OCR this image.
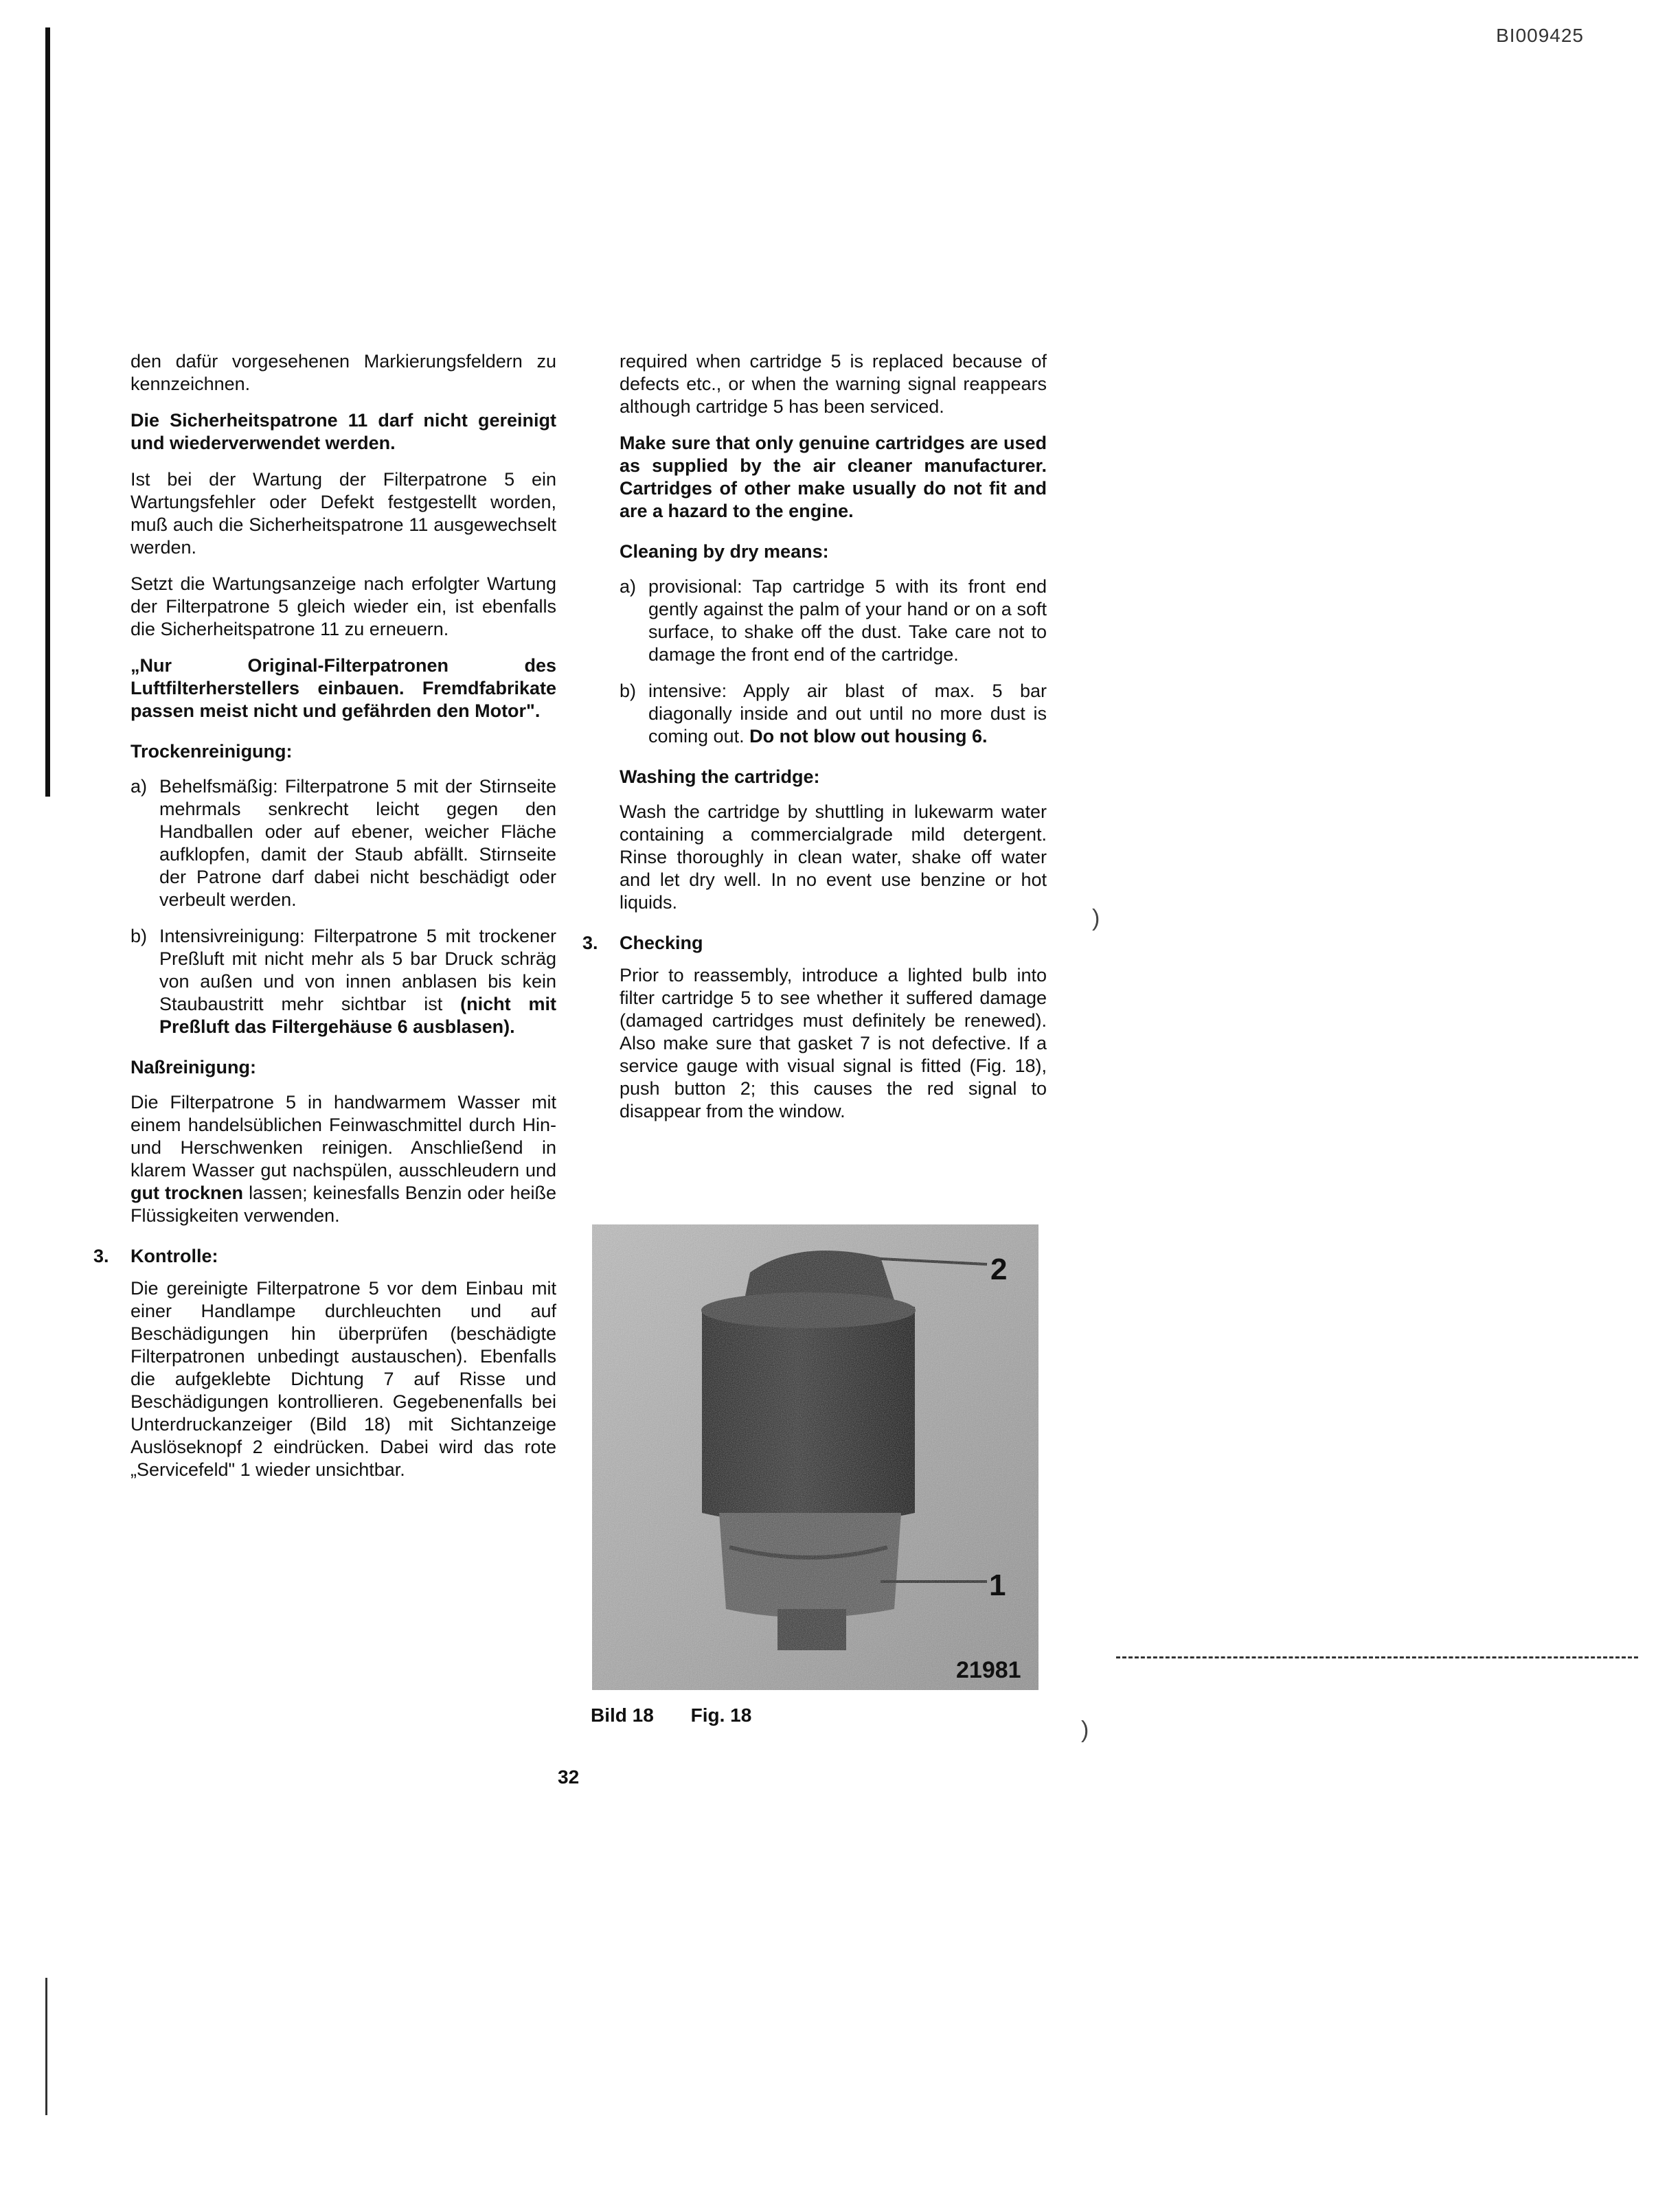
BI009425
)
)

den dafür vorgesehenen Markierungsfeldern zu kennzeichnen.

Die Sicherheitspatrone 11 darf nicht gereinigt und wiederverwendet werden.

Ist bei der Wartung der Filterpatrone 5 ein Wartungsfehler oder Defekt festgestellt worden, muß auch die Sicherheitspatrone 11 ausgewechselt werden.

Setzt die Wartungsanzeige nach erfolgter Wartung der Filterpatrone 5 gleich wieder ein, ist ebenfalls die Sicherheitspatrone 11 zu erneuern.

„Nur Original-Filterpatronen des Luftfilterherstellers einbauen. Fremdfabrikate passen meist nicht und gefährden den Motor".

Trockenreinigung:
a) Behelfsmäßig: Filterpatrone 5 mit der Stirnseite mehrmals senkrecht leicht gegen den Handballen oder auf ebener, weicher Fläche aufklopfen, damit der Staub abfällt. Stirnseite der Patrone darf dabei nicht beschädigt oder verbeult werden.
b) Intensivreinigung: Filterpatrone 5 mit trockener Preßluft mit nicht mehr als 5 bar Druck schräg von außen und von innen anblasen bis kein Staubaustritt mehr sichtbar ist (nicht mit Preßluft das Filtergehäuse 6 ausblasen).
Naßreinigung:

Die Filterpatrone 5 in handwarmem Wasser mit einem handelsüblichen Feinwaschmittel durch Hin- und Herschwenken reinigen. Anschließend in klarem Wasser gut nachspülen, ausschleudern und gut trocknen lassen; keinesfalls Benzin oder heiße Flüssigkeiten verwenden.

3.	Kontrolle:

Die gereinigte Filterpatrone 5 vor dem Einbau mit einer Handlampe durchleuchten und auf Beschädigungen hin überprüfen (beschädigte Filterpatronen unbedingt austauschen). Ebenfalls die aufgeklebte Dichtung 7 auf Risse und Beschädigungen kontrollieren. Gegebenenfalls bei Unterdruckanzeiger (Bild 18) mit Sichtanzeige Auslöseknopf 2 eindrücken. Dabei wird das rote „Servicefeld" 1 wieder unsichtbar.

required when cartridge 5 is replaced because of defects etc., or when the warning signal reappears although cartridge 5 has been serviced.

Make sure that only genuine cartridges are used as supplied by the air cleaner manufacturer. Cartridges of other make usually do not fit and are a hazard to the engine.

Cleaning by dry means:
a) provisional: Tap cartridge 5 with its front end gently against the palm of your hand or on a soft surface, to shake off the dust. Take care not to damage the front end of the cartridge.
b) intensive: Apply air blast of max. 5 bar diagonally inside and out until no more dust is coming out. Do not blow out housing 6.
Washing the cartridge:

Wash the cartridge by shuttling in lukewarm water containing a commercialgrade mild detergent. Rinse thoroughly in clean water, shake off water and let dry well. In no event use benzine or hot liquids.

3.	Checking

Prior to reassembly, introduce a lighted bulb into filter cartridge 5 to see whether it suffered damage (damaged cartridges must definitely be renewed). Also make sure that gasket 7 is not defective. If a service gauge with visual signal is fitted (Fig. 18), push button 2; this causes the red signal to disappear from the window.

2
1
21981
Bild 18 Fig. 18
32
